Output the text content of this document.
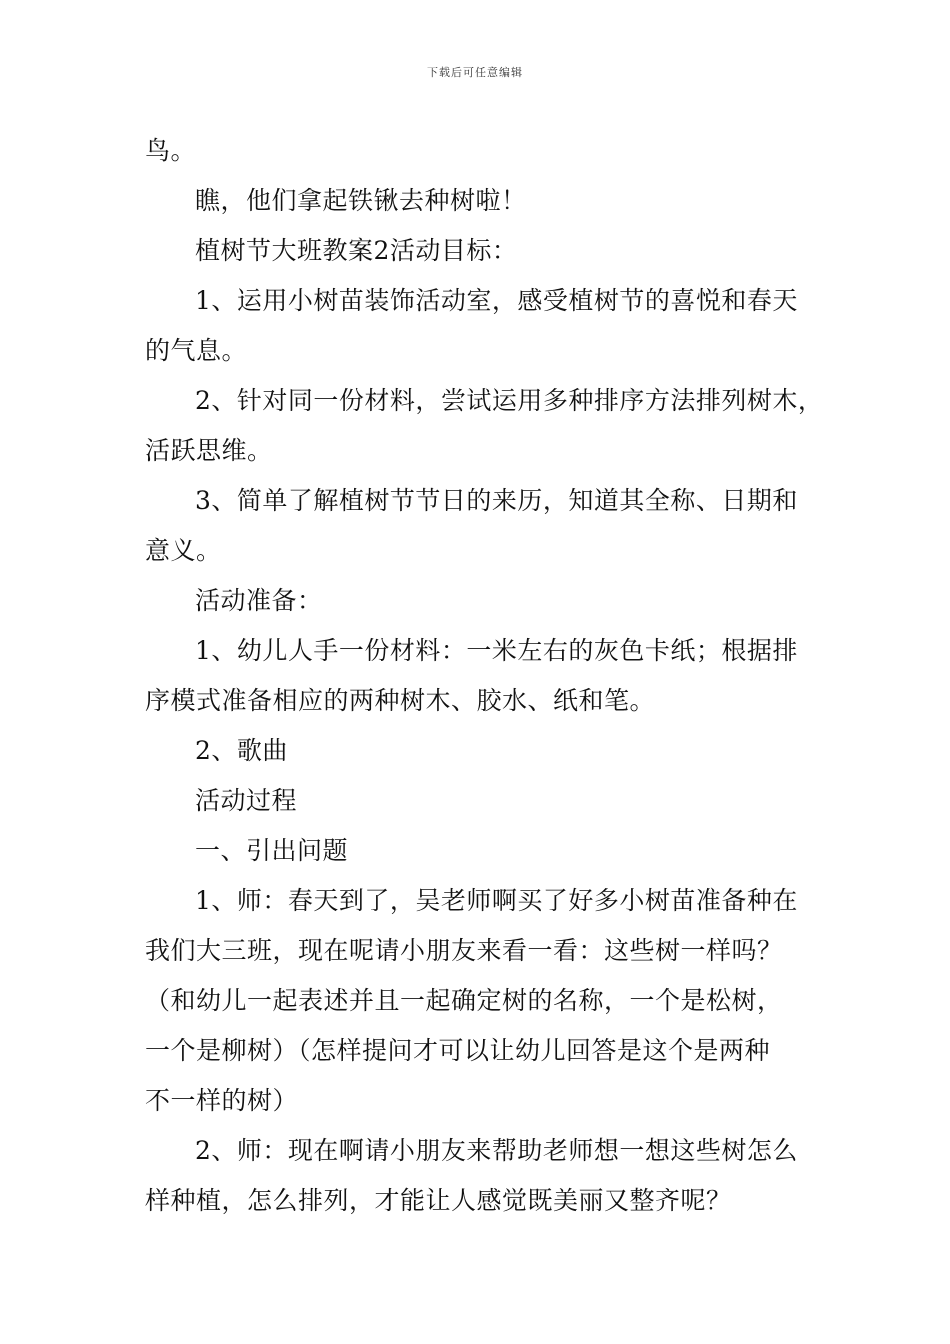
下载后可任意编辑
鸟。
瞧，他们拿起铁锹去种树啦！
植树节大班教案2活动目标：
1、运用小树苗装饰活动室，感受植树节的喜悦和春天
的气息。
2、针对同一份材料，尝试运用多种排序方法排列树木，
活跃思维。
3、简单了解植树节节日的来历，知道其全称、日期和
意义。
活动准备：
1、幼儿人手一份材料：一米左右的灰色卡纸；根据排
序模式准备相应的两种树木、胶水、纸和笔。
2、歌曲
活动过程
一、引出问题
1、师：春天到了，吴老师啊买了好多小树苗准备种在
我们大三班，现在呢请小朋友来看一看：这些树一样吗？
（和幼儿一起表述并且一起确定树的名称，一个是松树，
一个是柳树）（怎样提问才可以让幼儿回答是这个是两种
不一样的树）
2、师：现在啊请小朋友来帮助老师想一想这些树怎么
样种植，怎么排列，才能让人感觉既美丽又整齐呢？
